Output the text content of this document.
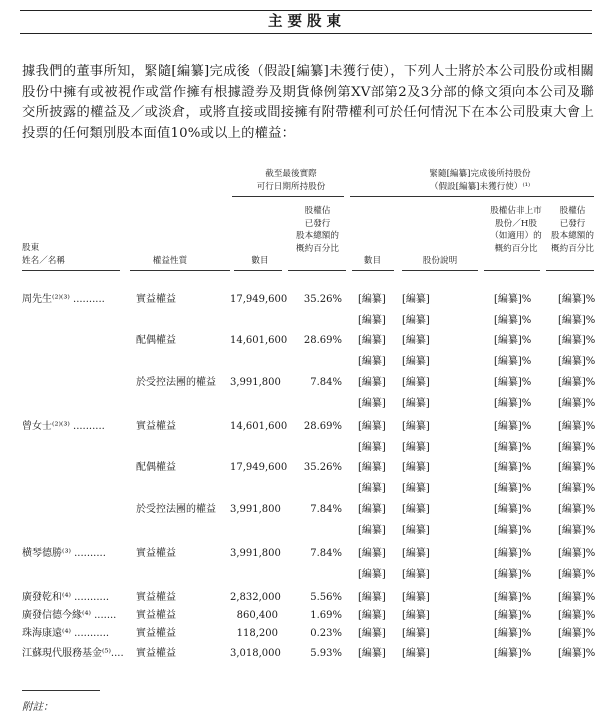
主要股東
據我們的董事所知，緊隨[編纂]完成後（假設[編纂]未獲行使），下列人士將於本公司股份或相關股份中擁有或被視作或當作擁有根據證券及期貨條例第XV部第2及3分部的條文須向本公司及聯交所披露的權益及／或淡倉，或將直接或間接擁有附帶權利可於任何情況下在本公司股東大會上投票的任何類別股本面值10%或以上的權益：
截至最後實際
可行日期所持股份
緊隨[編纂]完成後所持股份
（假設[編纂]未獲行使）⁽¹⁾
股東
姓名／名稱	權益性質	數目
股權佔
已發行
股本總額的
概約百分比
數目	股份說明
股權佔非上市
股份／H股
（如適用）的
概約百分比
股權佔
已發行
股本總額的
概約百分比
周先生⁽²⁾⁽³⁾ ..........	實益權益	17,949,600	35.26% [編纂]	[編纂]	[編纂]%	[編纂]%
[編纂]	[編纂]	[編纂]%	[編纂]%
配偶權益	14,601,600	28.69% [編纂]	[編纂]	[編纂]%	[編纂]%
[編纂]	[編纂]	[編纂]%	[編纂]%
於受控法團的權益	3,991,800	7.84% [編纂]	[編纂]	[編纂]%	[編纂]%
[編纂]	[編纂]	[編纂]%	[編纂]%
曾女士⁽²⁾⁽³⁾ ..........	實益權益	14,601,600	28.69% [編纂]	[編纂]	[編纂]%	[編纂]%
[編纂]	[編纂]	[編纂]%	[編纂]%
配偶權益	17,949,600	35.26% [編纂]	[編纂]	[編纂]%	[編纂]%
[編纂]	[編纂]	[編纂]%	[編纂]%
於受控法團的權益	3,991,800	7.84% [編纂]	[編纂]	[編纂]%	[編纂]%
[編纂]	[編纂]	[編纂]%	[編纂]%
横琴德勝⁽³⁾ ..........	實益權益	3,991,800	7.84% [編纂]	[編纂]	[編纂]%	[編纂]%
[編纂]	[編纂]	[編纂]%	[編纂]%
廣發乾和⁽⁴⁾ ...........	實益權益	2,832,000	5.56% [編纂]	[編纂]	[編纂]%	[編纂]%
廣發信德今緣⁽⁴⁾ .......	實益權益	860,400	1.69% [編纂]	[編纂]	[編纂]%	[編纂]%
珠海康遠⁽⁴⁾ ...........	實益權益	118,200	0.23% [編纂]	[編纂]	[編纂]%	[編纂]%
江蘇現代服務基金⁽⁵⁾....	實益權益	3,018,000	5.93% [編纂]	[編纂]	[編纂]%	[編纂]%
附註：
